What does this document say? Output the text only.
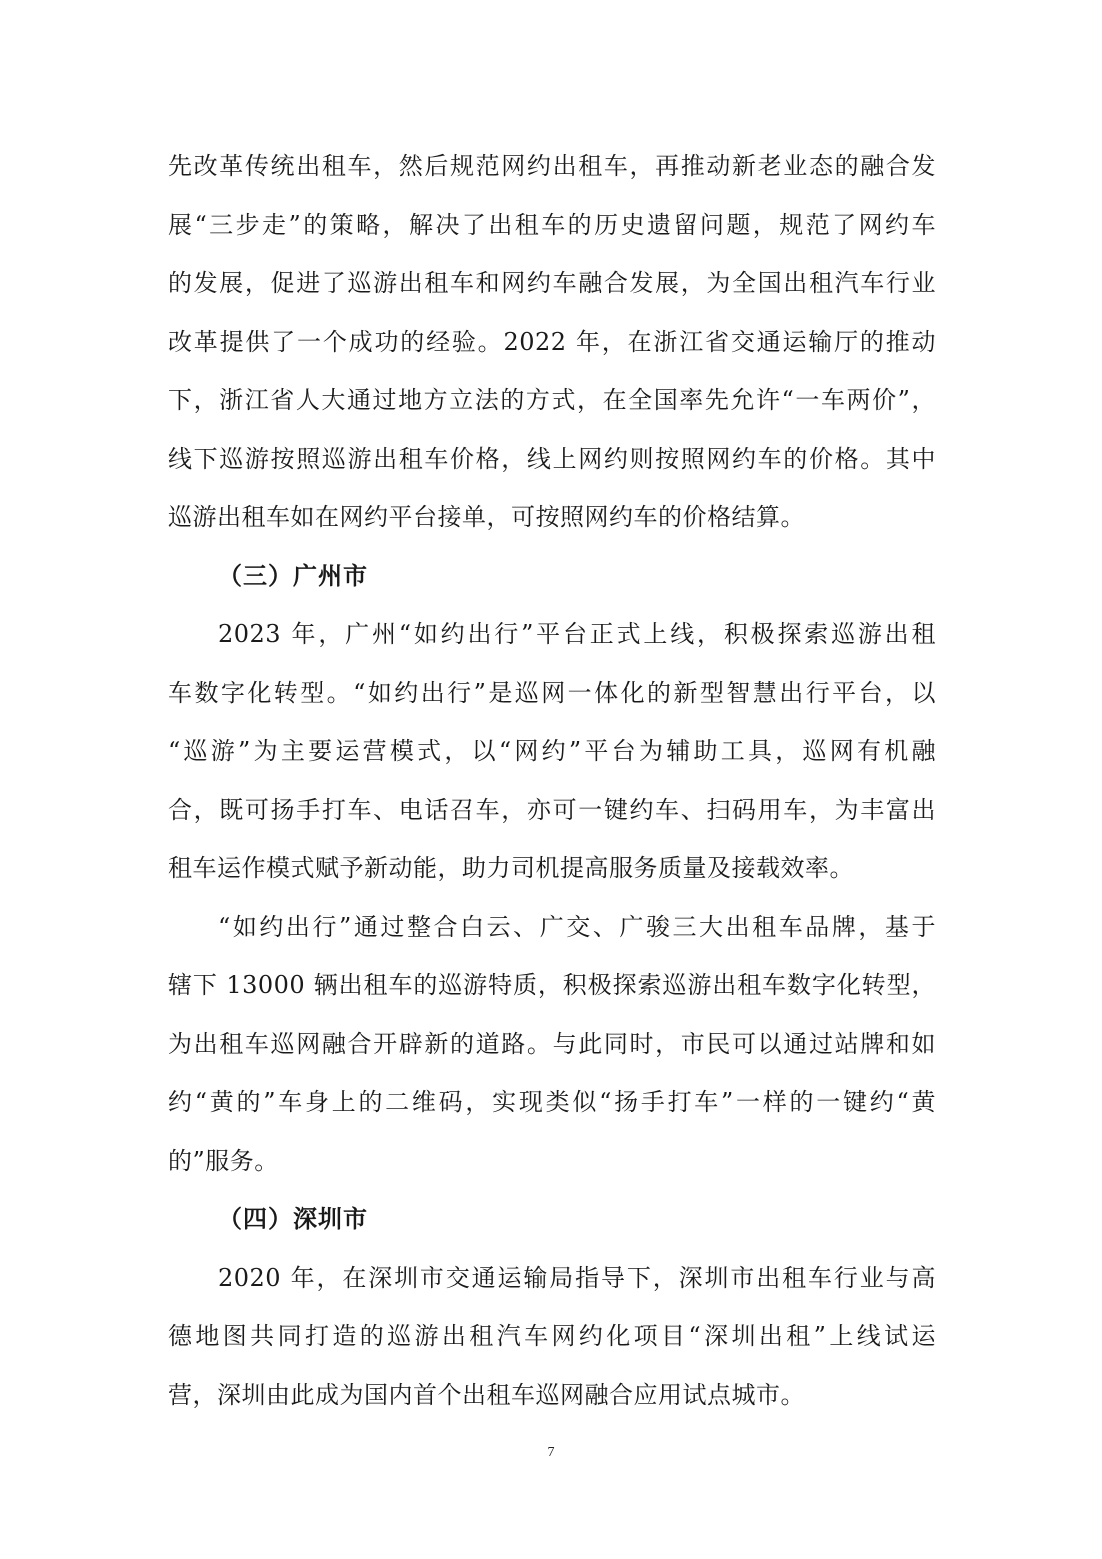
先改革传统出租车，然后规范网约出租车，再推动新老业态的融合发
展“三步走”的策略，解决了出租车的历史遗留问题，规范了网约车
的发展，促进了巡游出租车和网约车融合发展，为全国出租汽车行业
改革提供了一个成功的经验。2022 年，在浙江省交通运输厅的推动
下，浙江省人大通过地方立法的方式，在全国率先允许“一车两价”，
线下巡游按照巡游出租车价格，线上网约则按照网约车的价格。其中
巡游出租车如在网约平台接单，可按照网约车的价格结算。
（三）广州市
2023 年，广州“如约出行”平台正式上线，积极探索巡游出租
车数字化转型。“如约出行”是巡网一体化的新型智慧出行平台，以
“巡游”为主要运营模式，以“网约”平台为辅助工具，巡网有机融
合，既可扬手打车、电话召车，亦可一键约车、扫码用车，为丰富出
租车运作模式赋予新动能，助力司机提高服务质量及接载效率。
“如约出行”通过整合白云、广交、广骏三大出租车品牌，基于
辖下 13000 辆出租车的巡游特质，积极探索巡游出租车数字化转型，
为出租车巡网融合开辟新的道路。与此同时，市民可以通过站牌和如
约“黄的”车身上的二维码，实现类似“扬手打车”一样的一键约“黄
的”服务。
（四）深圳市
2020 年，在深圳市交通运输局指导下，深圳市出租车行业与高
德地图共同打造的巡游出租汽车网约化项目“深圳出租”上线试运
营，深圳由此成为国内首个出租车巡网融合应用试点城市。
7
